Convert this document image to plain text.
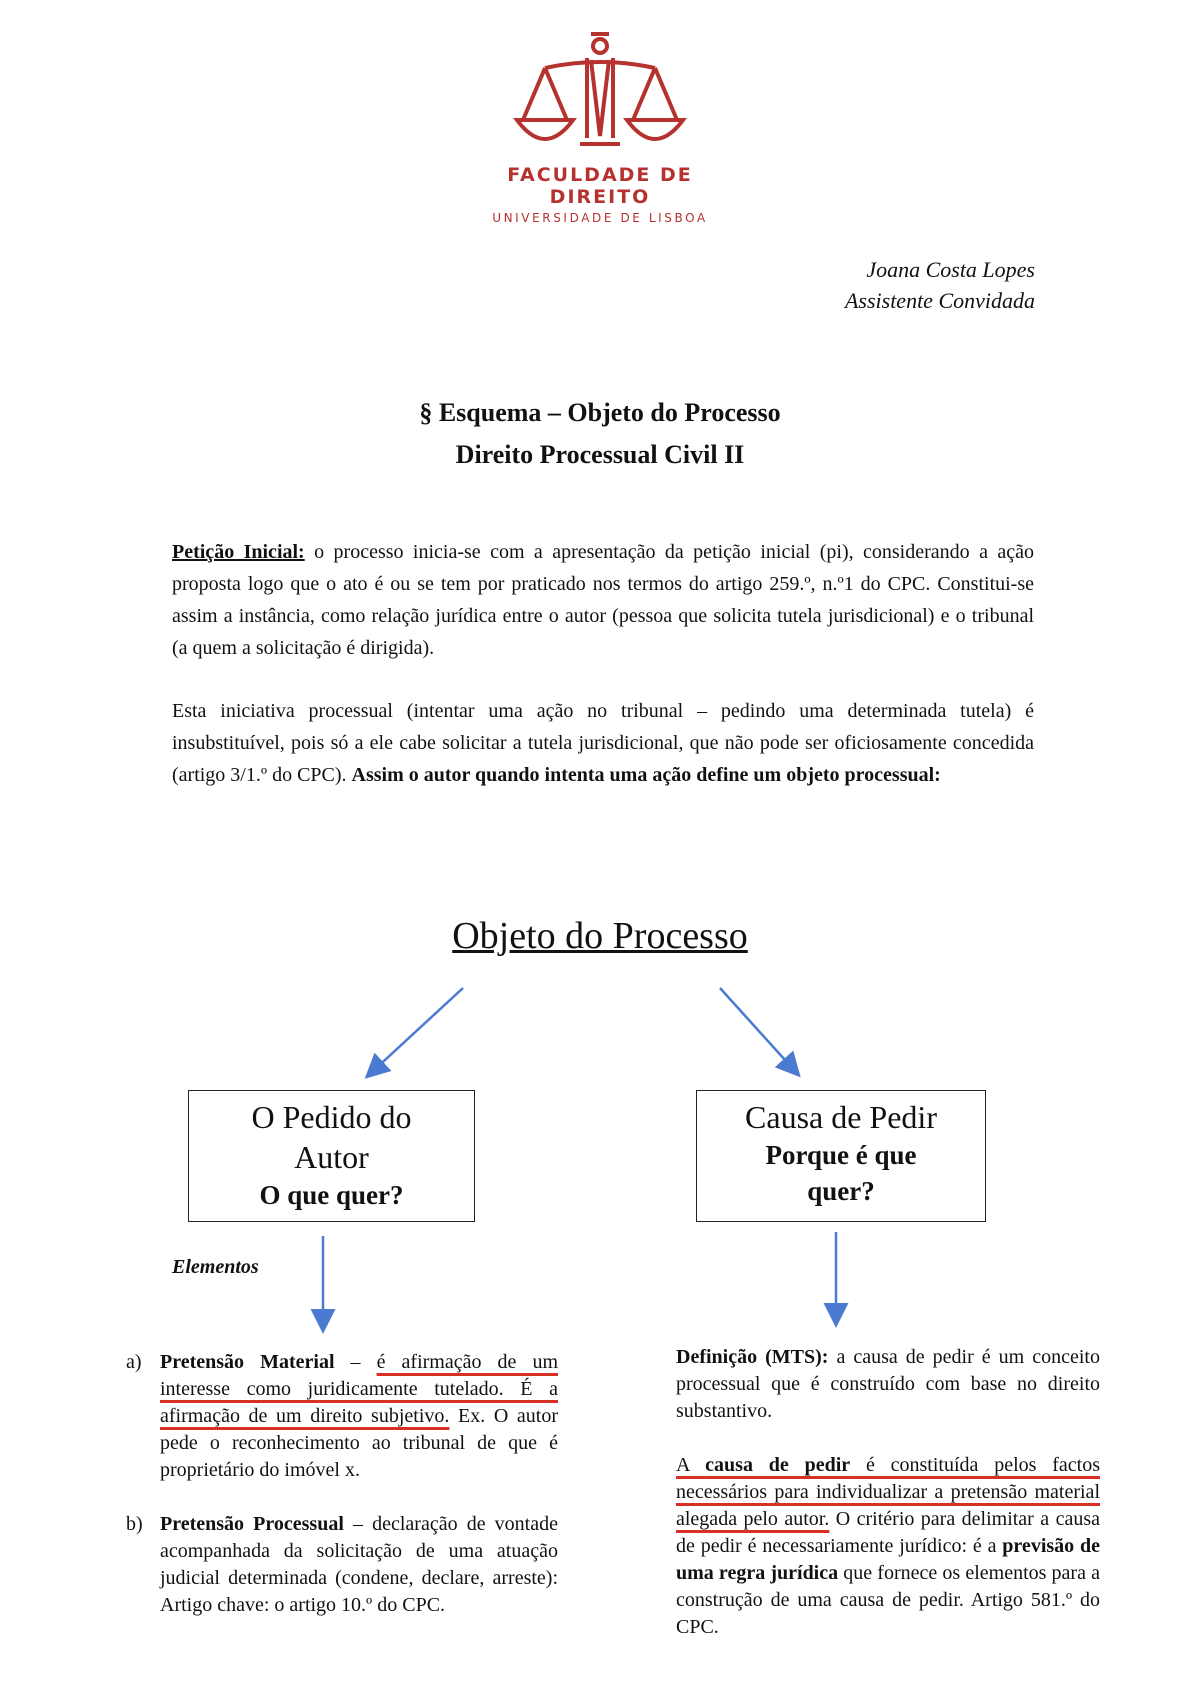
FACULDADE DE DIREITO
UNIVERSIDADE DE LISBOA
Joana Costa Lopes
Assistente Convidada
§ Esquema – Objeto do Processo
Direito Processual Civil II
Petição Inicial: o processo inicia-se com a apresentação da petição inicial (pi), considerando a ação proposta logo que o ato é ou se tem por praticado nos termos do artigo 259.º, n.º1 do CPC. Constitui-se assim a instância, como relação jurídica entre o autor (pessoa que solicita tutela jurisdicional) e o tribunal (a quem a solicitação é dirigida).
Esta iniciativa processual (intentar uma ação no tribunal – pedindo uma determinada tutela) é insubstituível, pois só a ele cabe solicitar a tutela jurisdicional, que não pode ser oficiosamente concedida (artigo 3/1.º do CPC). Assim o autor quando intenta uma ação define um objeto processual:
Objeto do Processo
O Pedido do
Autor
O que quer?
Causa de Pedir
Porque é que
quer?
Elementos
a) Pretensão Material – é afirmação de um interesse como juridicamente tutelado. É a afirmação de um direito subjetivo. Ex. O autor pede o reconhecimento ao tribunal de que é proprietário do imóvel x.
b) Pretensão Processual – declaração de vontade acompanhada da solicitação de uma atuação judicial determinada (condene, declare, arreste): Artigo chave: o artigo 10.º do CPC.
Definição (MTS): a causa de pedir é um conceito processual que é construído com base no direito substantivo.
A causa de pedir é constituída pelos factos necessários para individualizar a pretensão material alegada pelo autor. O critério para delimitar a causa de pedir é necessariamente jurídico: é a previsão de uma regra jurídica que fornece os elementos para a construção de uma causa de pedir. Artigo 581.º do CPC.
